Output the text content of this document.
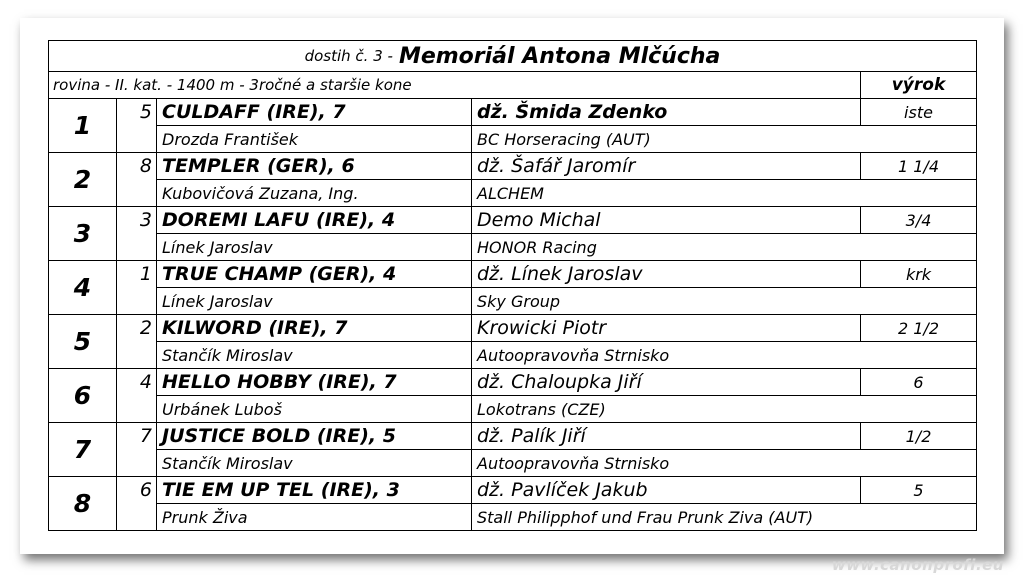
dostih č. 3 - Memoriál Antona Mlčúcha
rovina - II. kat. - 1400 m - 3ročné a staršie kone	výrok
1	5 CULDAFF (IRE), 7	dž. Šmida Zdenko	iste
Drozda František	BC Horseracing (AUT)
2	8 TEMPLER (GER), 6	dž. Šafář Jaromír	1 1/4
Kubovičová Zuzana, Ing.	ALCHEM
3	3 DOREMI LAFU (IRE), 4	Demo Michal	3/4
Línek Jaroslav	HONOR Racing
4	1 TRUE CHAMP (GER), 4	dž. Línek Jaroslav	krk
Línek Jaroslav	Sky Group
5	2 KILWORD (IRE), 7	Krowicki Piotr	2 1/2
Stančík Miroslav	Autoopravovňa Strnisko
6	4 HELLO HOBBY (IRE), 7	dž. Chaloupka Jiří	6
Urbánek Luboš	Lokotrans (CZE)
7	7 JUSTICE BOLD (IRE), 5	dž. Palík Jiří	1/2
Stančík Miroslav	Autoopravovňa Strnisko
8	6 TIE EM UP TEL (IRE), 3	dž. Pavlíček Jakub	5
Prunk Živa	Stall Philipphof und Frau Prunk Ziva (AUT)
www.canonprofi.eu
